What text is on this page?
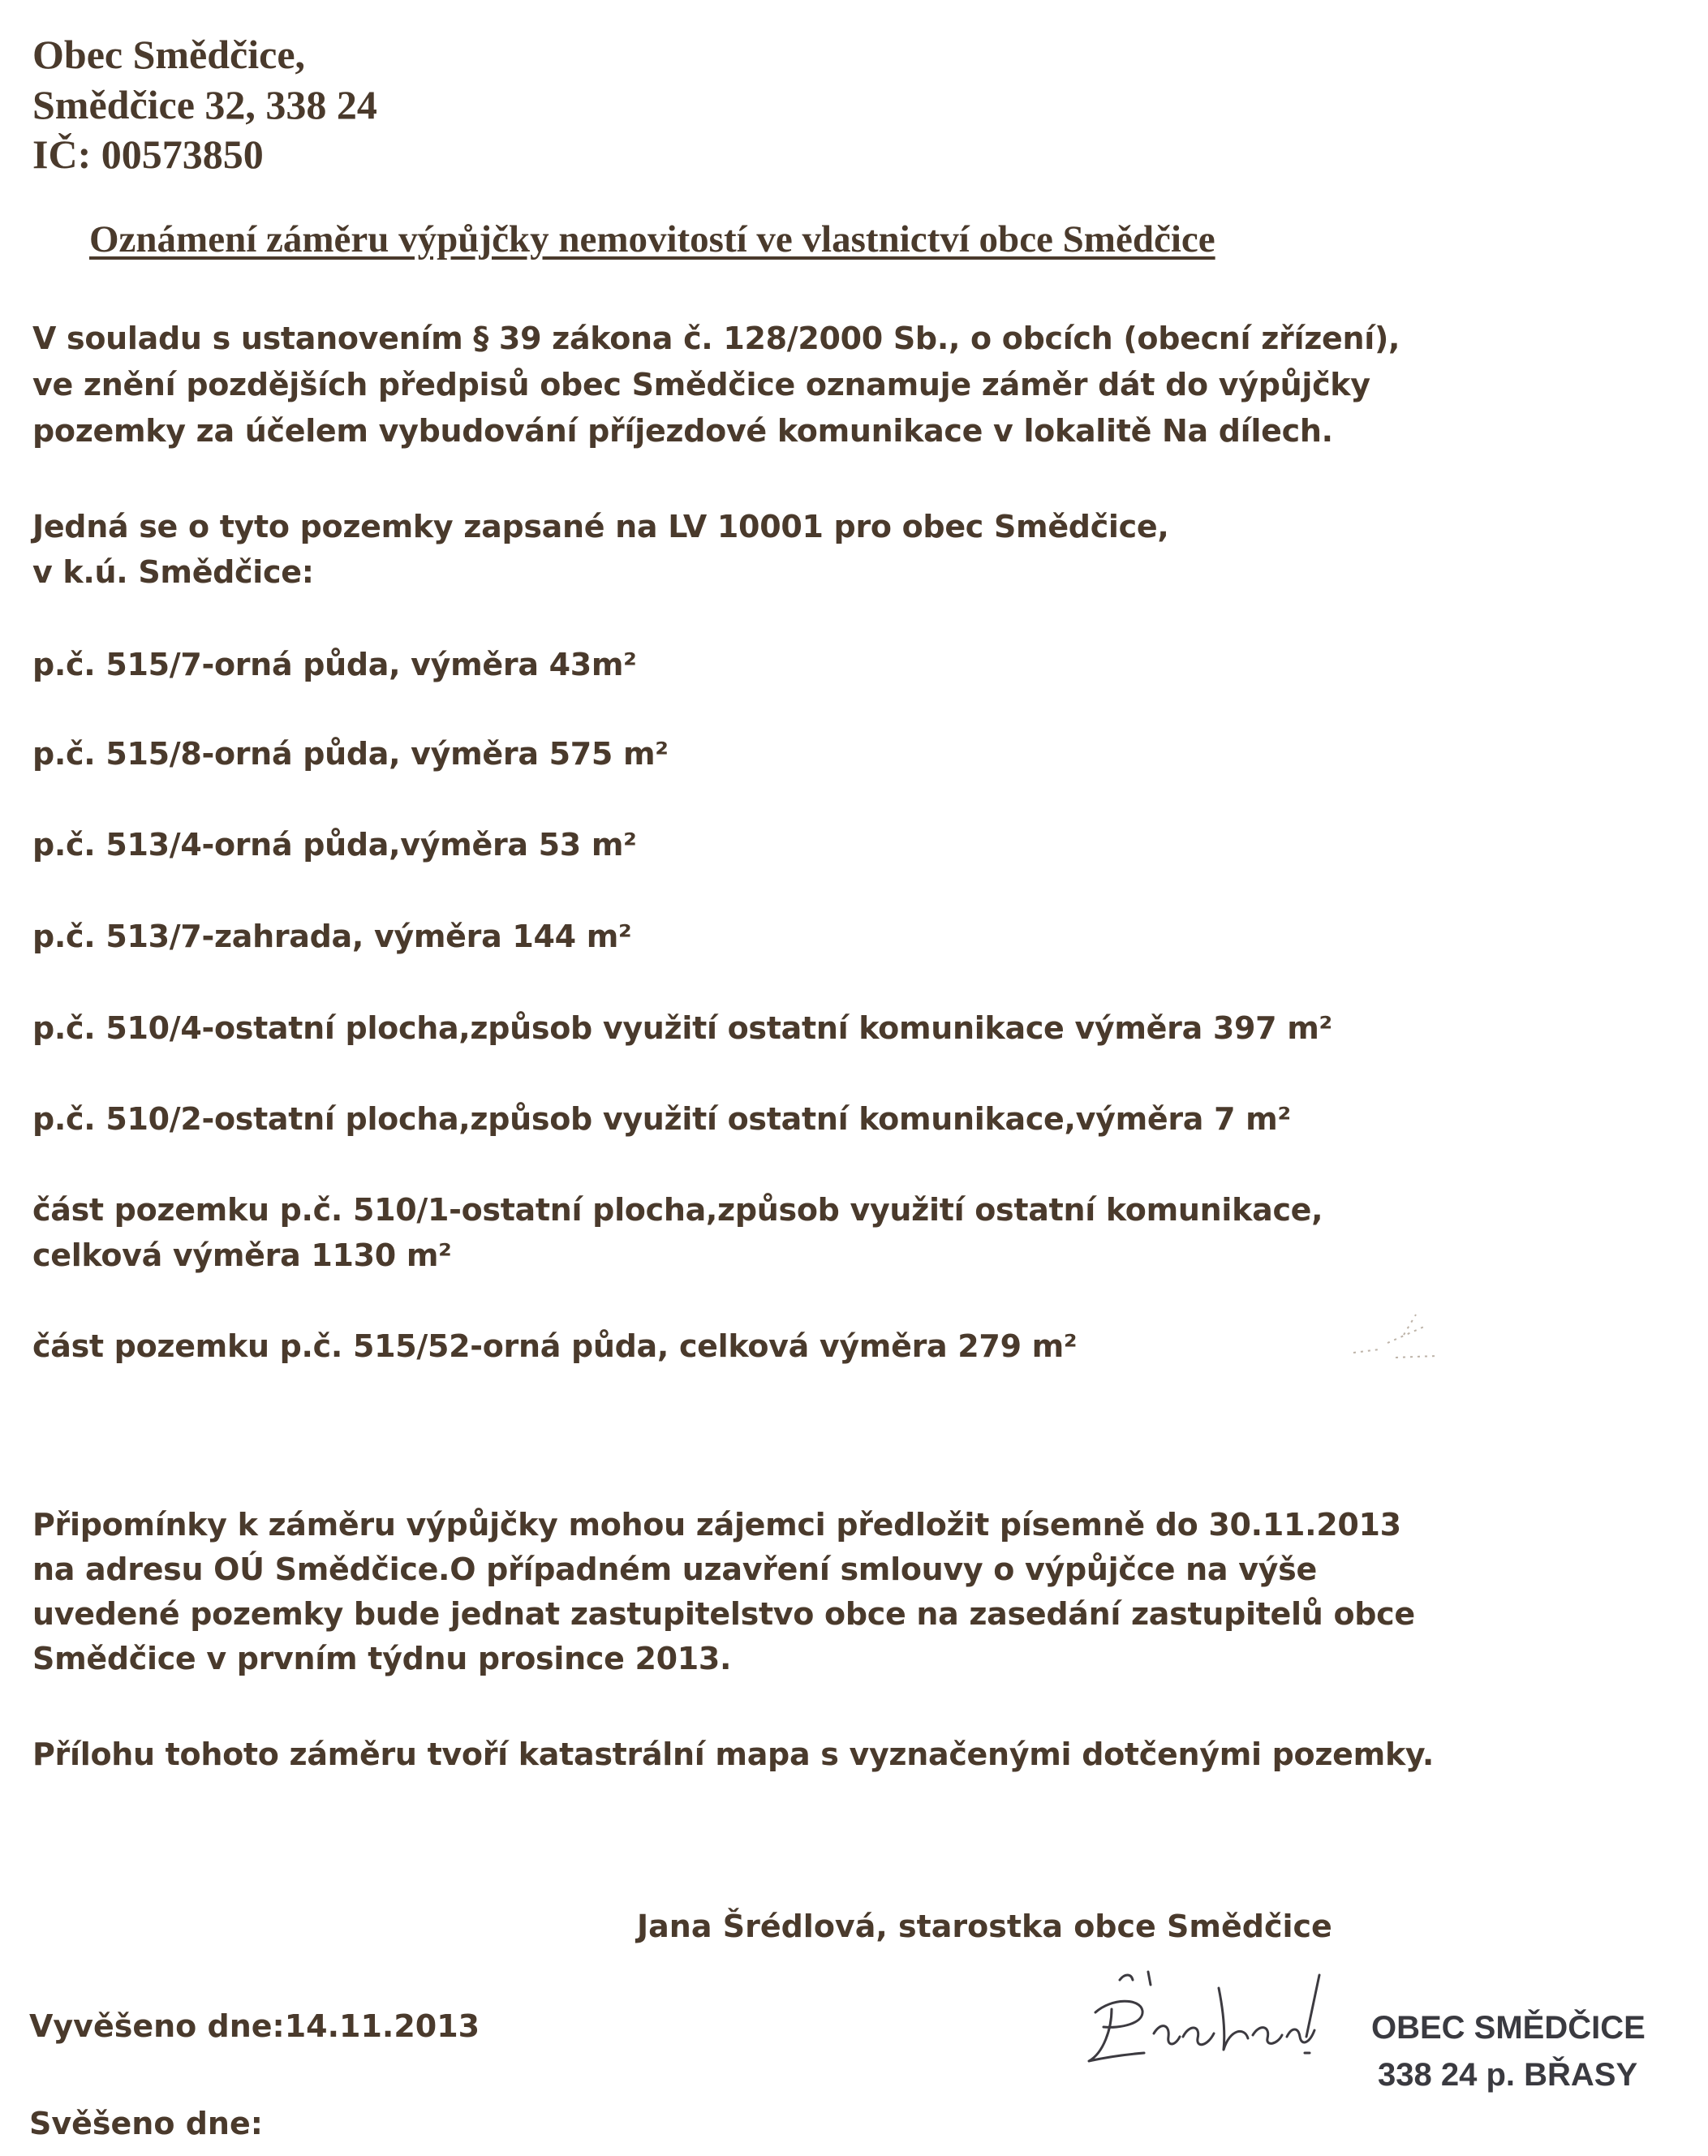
Obec Smědčice,
Smědčice 32, 338 24
IČ: 00573850
Oznámení záměru výpůjčky nemovitostí ve vlastnictví obce Smědčice
V souladu s ustanovením § 39 zákona č. 128/2000 Sb., o obcích (obecní zřízení),
ve znění pozdějších předpisů obec Smědčice oznamuje záměr dát do výpůjčky
pozemky za účelem vybudování příjezdové komunikace v lokalitě Na dílech.
Jedná se o tyto pozemky zapsané na LV 10001 pro obec Smědčice,
v k.ú. Smědčice:
p.č. 515/7-orná půda, výměra 43m²
p.č. 515/8-orná půda, výměra 575 m²
p.č. 513/4-orná půda,výměra 53 m²
p.č. 513/7-zahrada, výměra 144 m²
p.č. 510/4-ostatní plocha,způsob využití ostatní komunikace výměra 397 m²
p.č. 510/2-ostatní plocha,způsob využití ostatní komunikace,výměra 7 m²
část pozemku p.č. 510/1-ostatní plocha,způsob využití ostatní komunikace,
celková výměra 1130 m²
část pozemku p.č. 515/52-orná půda, celková výměra 279 m²
Připomínky k záměru výpůjčky mohou zájemci předložit písemně do 30.11.2013
na adresu OÚ Smědčice.O případném uzavření smlouvy o výpůjčce na výše
uvedené pozemky bude jednat zastupitelstvo obce na zasedání zastupitelů obce
Smědčice v prvním týdnu prosince 2013.
Přílohu tohoto záměru tvoří katastrální mapa s vyznačenými dotčenými pozemky.
Jana Šrédlová, starostka obce Smědčice
Vyvěšeno dne:14.11.2013
Svěšeno dne:
OBEC SMĚDČICE
338 24 p. BŘASY
